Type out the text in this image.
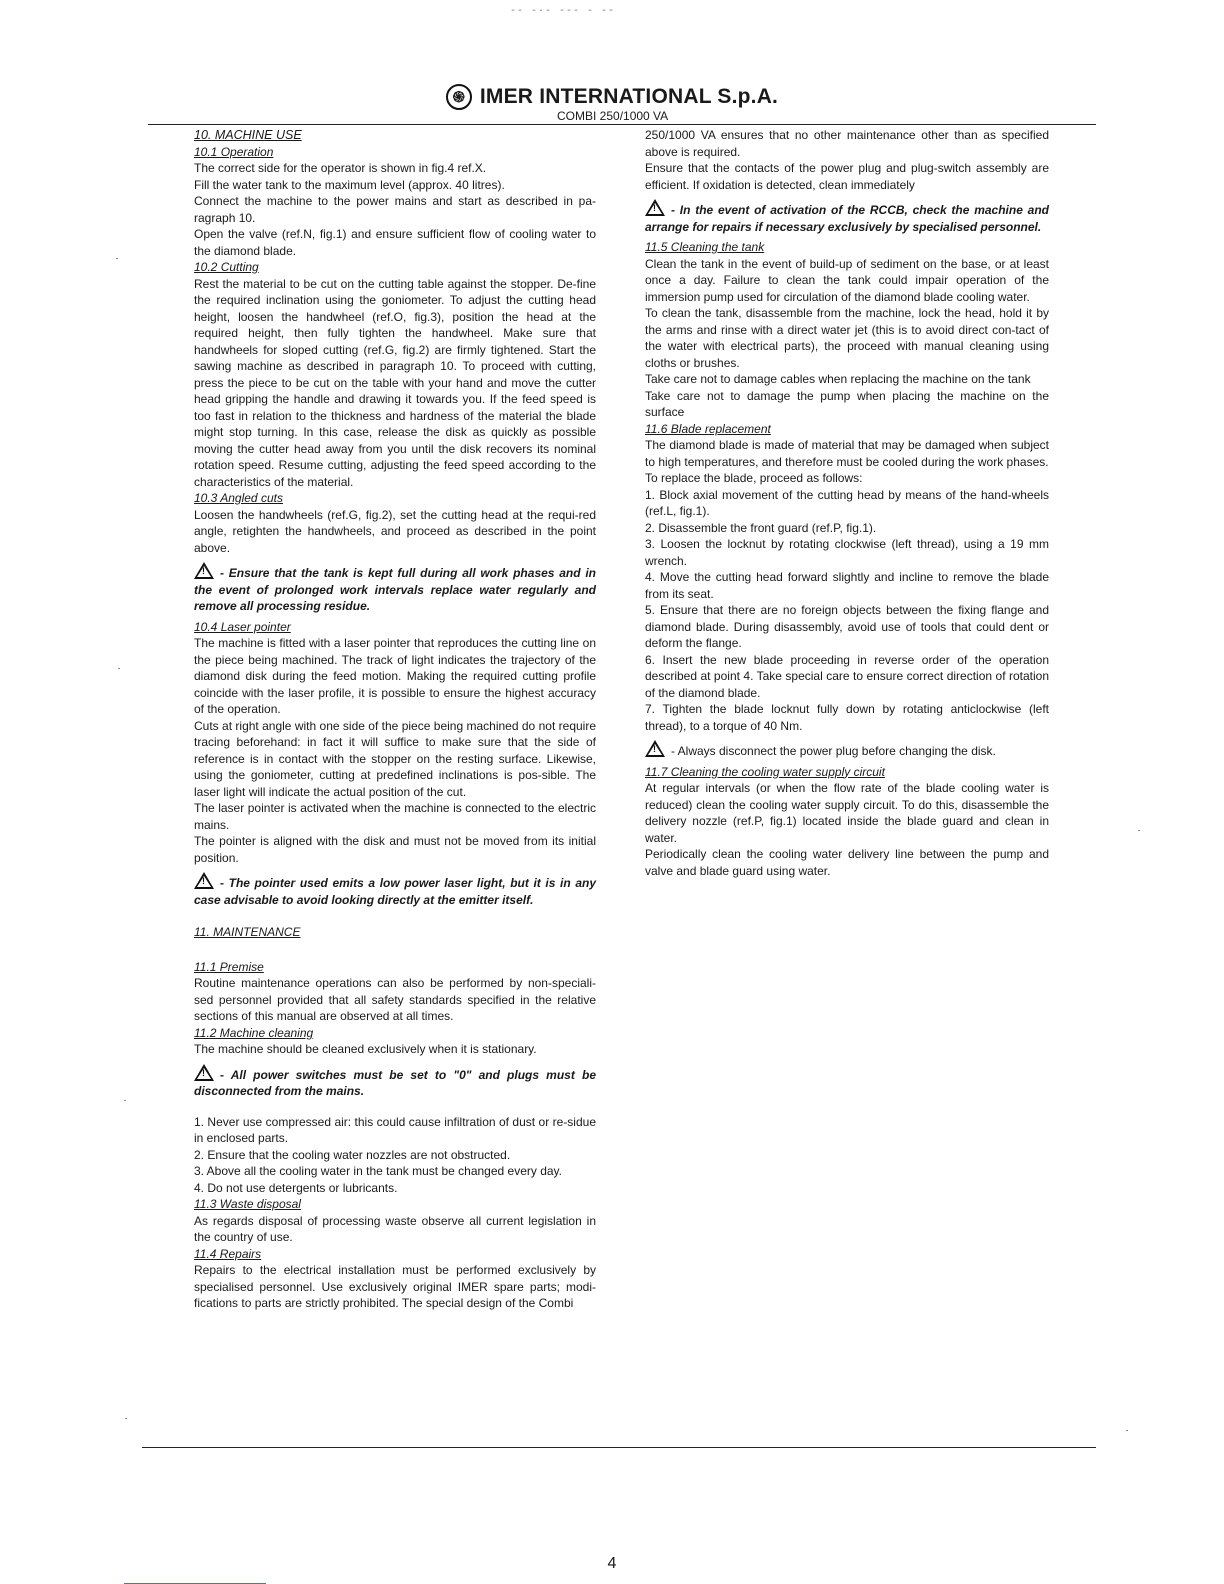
-- -·- --- - --
֍ IMER INTERNATIONAL S.p.A.
COMBI 250/1000 VA

10. MACHINE USE

10.1 Operation

The correct side for the operator is shown in fig.4 ref.X.

Fill the water tank to the maximum level (approx. 40 litres).

Connect the machine to the power mains and start as described in pa-ragraph 10.

Open the valve (ref.N, fig.1) and ensure sufficient flow of cooling water to the diamond blade.

10.2 Cutting

Rest the material to be cut on the cutting table against the stopper. De-fine the required inclination using the goniometer. To adjust the cutting head height, loosen the handwheel (ref.O, fig.3), position the head at the required height, then fully tighten the handwheel. Make sure that handwheels for sloped cutting (ref.G, fig.2) are firmly tightened. Start the sawing machine as described in paragraph 10. To proceed with cutting, press the piece to be cut on the table with your hand and move the cutter head gripping the handle and drawing it towards you. If the feed speed is too fast in relation to the thickness and hardness of the material the blade might stop turning. In this case, release the disk as quickly as possible moving the cutter head away from you until the disk recovers its nominal rotation speed. Resume cutting, adjusting the feed speed according to the characteristics of the material.

10.3 Angled cuts

Loosen the handwheels (ref.G, fig.2), set the cutting head at the requi-red angle, retighten the handwheels, and proceed as described in the point above.

!- Ensure that the tank is kept full during all work phases and in the event of prolonged work intervals replace water regularly and remove all processing residue.

10.4 Laser pointer

The machine is fitted with a laser pointer that reproduces the cutting line on the piece being machined. The track of light indicates the trajectory of the diamond disk during the feed motion. Making the required cutting profile coincide with the laser profile, it is possible to ensure the highest accuracy of the operation.

Cuts at right angle with one side of the piece being machined do not require tracing beforehand: in fact it will suffice to make sure that the side of reference is in contact with the stopper on the resting surface. Likewise, using the goniometer, cutting at predefined inclinations is pos-sible. The laser light will indicate the actual position of the cut.

The laser pointer is activated when the machine is connected to the electric mains.

The pointer is aligned with the disk and must not be moved from its initial position.

!- The pointer used emits a low power laser light, but it is in any case advisable to avoid looking directly at the emitter itself.

11. MAINTENANCE

11.1 Premise

Routine maintenance operations can also be performed by non-speciali-sed personnel provided that all safety standards specified in the relative sections of this manual are observed at all times.

11.2 Machine cleaning

The machine should be cleaned exclusively when it is stationary.

!- All power switches must be set to "0" and plugs must be disconnected from the mains.

1. Never use compressed air: this could cause infiltration of dust or re-sidue in enclosed parts.

2. Ensure that the cooling water nozzles are not obstructed.

3. Above all the cooling water in the tank must be changed every day.

4. Do not use detergents or lubricants.

11.3 Waste disposal

As regards disposal of processing waste observe all current legislation in the country of use.

11.4 Repairs

Repairs to the electrical installation must be performed exclusively by specialised personnel. Use exclusively original IMER spare parts; modi-fications to parts are strictly prohibited. The special design of the Combi

250/1000 VA ensures that no other maintenance other than as specified above is required.

Ensure that the contacts of the power plug and plug-switch assembly are efficient. If oxidation is detected, clean immediately

!- In the event of activation of the RCCB, check the machine and arrange for repairs if necessary exclusively by specialised personnel.

11.5 Cleaning the tank

Clean the tank in the event of build-up of sediment on the base, or at least once a day. Failure to clean the tank could impair operation of the immersion pump used for circulation of the diamond blade cooling water.

To clean the tank, disassemble from the machine, lock the head, hold it by the arms and rinse with a direct water jet (this is to avoid direct con-tact of the water with electrical parts), the proceed with manual cleaning using cloths or brushes.

Take care not to damage cables when replacing the machine on the tank

Take care not to damage the pump when placing the machine on the surface

11.6 Blade replacement

The diamond blade is made of material that may be damaged when subject to high temperatures, and therefore must be cooled during the work phases.

To replace the blade, proceed as follows:

1. Block axial movement of the cutting head by means of the hand-wheels (ref.L, fig.1).

2. Disassemble the front guard (ref.P, fig.1).

3. Loosen the locknut by rotating clockwise (left thread), using a 19 mm wrench.

4. Move the cutting head forward slightly and incline to remove the blade from its seat.

5. Ensure that there are no foreign objects between the fixing flange and diamond blade. During disassembly, avoid use of tools that could dent or deform the flange.

6. Insert the new blade proceeding in reverse order of the operation described at point 4. Take special care to ensure correct direction of rotation of the diamond blade.

7. Tighten the blade locknut fully down by rotating anticlockwise (left thread), to a torque of 40 Nm.

!- Always disconnect the power plug before changing the disk.

11.7 Cleaning the cooling water supply circuit

At regular intervals (or when the flow rate of the blade cooling water is reduced) clean the cooling water supply circuit. To do this, disassemble the delivery nozzle (ref.P, fig.1) located inside the blade guard and clean in water.

Periodically clean the cooling water delivery line between the pump and valve and blade guard using water.

4
